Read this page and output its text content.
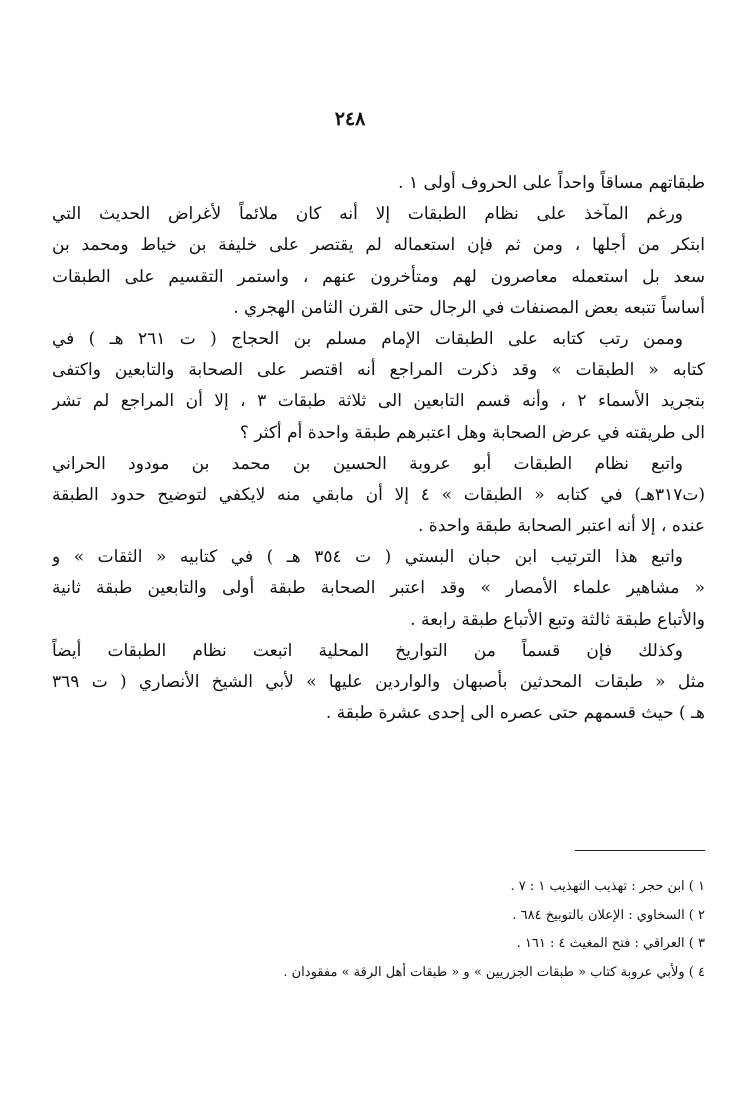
٢٤٨
طبقاتهم مساقاً واحداً على الحروف أولى ١ .
ورغم المآخذ على نظام الطبقات إلا أنه كان ملائماً لأغراض الحديث التي
ابتكر من أجلها ، ومن ثم فإن استعماله لم يقتصر على خليفة بن خياط ومحمد بن
سعد بل استعمله معاصرون لهم ومتأخرون عنهم ، واستمر التقسيم على الطبقات
أساساً تتبعه بعض المصنفات في الرجال حتى القرن الثامن الهجري .
وممن رتب كتابه على الطبقات الإمام مسلم بن الحجاج ( ت ٢٦١ هـ ) في
كتابه « الطبقات » وقد ذكرت المراجع أنه اقتصر على الصحابة والتابعين واكتفى
بتجريد الأسماء ٢ ، وأنه قسم التابعين الى ثلاثة طبقات ٣ ، إلا أن المراجع لم تشر
الى طريقته في عرض الصحابة وهل اعتبرهم طبقة واحدة أم أكثر ؟
واتبع نظام الطبقات أبو عروبة الحسين بن محمد بن مودود الحراني
(ت٣١٧هـ) في كتابه « الطبقات » ٤ إلا أن مابقي منه لايكفي لتوضيح حدود الطبقة
عنده ، إلا أنه اعتبر الصحابة طبقة واحدة .
واتبع هذا الترتيب ابن حبان البستي ( ت ٣٥٤ هـ ) في كتابيه « الثقات » و
« مشاهير علماء الأمصار » وقد اعتبر الصحابة طبقة أولى والتابعين طبقة ثانية
والأتباع طبقة ثالثة وتبع الأتباع طبقة رابعة .
وكذلك فإن قسماً من التواريخ المحلية اتبعت نظام الطبقات أيضاً
مثل « طبقات المحدثين بأصبهان والواردين عليها » لأبي الشيخ الأنصاري ( ت ٣٦٩
هـ ) حيث قسمهم حتى عصره الى إحدى عشرة طبقة .
١ ) ابن حجر : تهذيب التهذيب ١ : ٧ .
٢ ) السخاوي : الإعلان بالتوبيخ ٦٨٤ .
٣ ) العراقي : فتح المغيث ٤ : ١٦١ .
٤ ) ولأبي عروبة كتاب « طبقات الجزريين » و « طبقات أهل الرقة » مفقودان .
